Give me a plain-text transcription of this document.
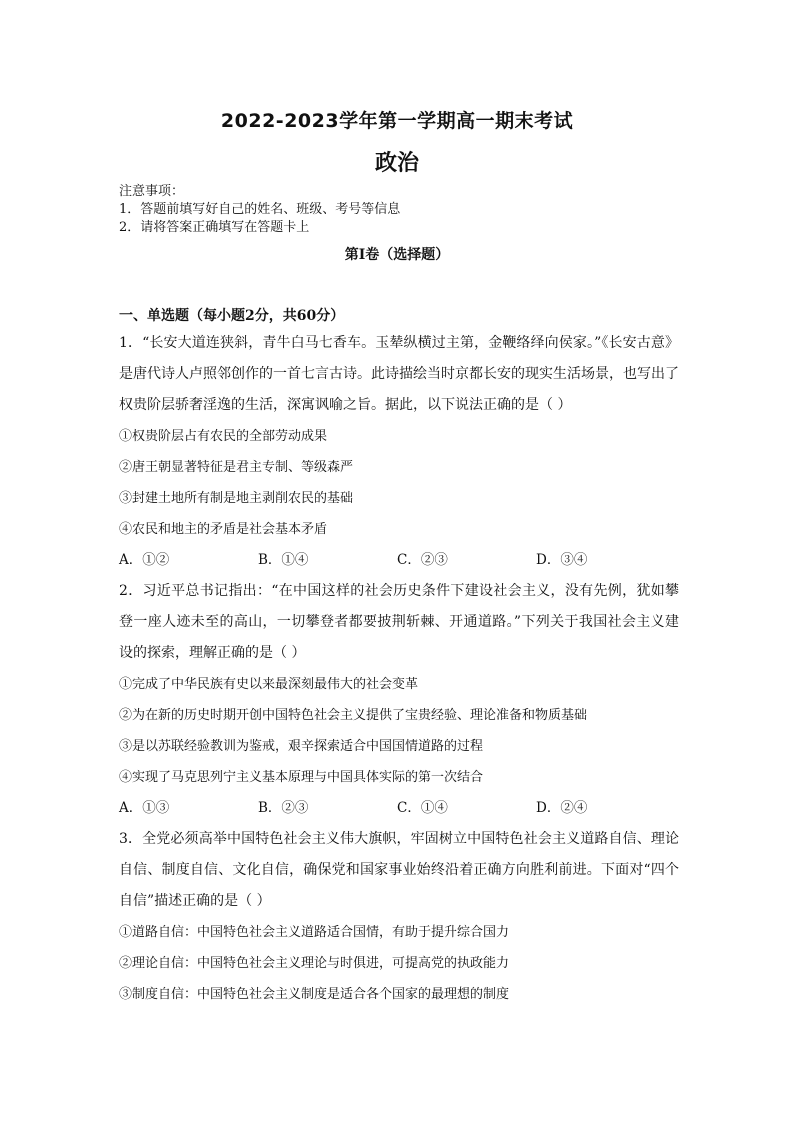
2022-2023学年第一学期高一期末考试
政治
注意事项：
1．答题前填写好自己的姓名、班级、考号等信息
2．请将答案正确填写在答题卡上
第I卷（选择题）
一、单选题（每小题2分，共60分）

1．“长安大道连狭斜，青牛白马七香车。玉辇纵横过主第，金鞭络绎向侯家。”《长安古意》是唐代诗人卢照邻创作的一首七言古诗。此诗描绘当时京都长安的现实生活场景，也写出了权贵阶层骄奢淫逸的生活，深寓讽喻之旨。据此，以下说法正确的是（ ）

①权贵阶层占有农民的全部劳动成果
②唐王朝显著特征是君主专制、等级森严
③封建土地所有制是地主剥削农民的基础
④农民和地主的矛盾是社会基本矛盾
A．①②	B．①④	C．②③	D．③④

2．习近平总书记指出：“在中国这样的社会历史条件下建设社会主义，没有先例，犹如攀登一座人迹未至的高山，一切攀登者都要披荆斩棘、开通道路。”下列关于我国社会主义建设的探索，理解正确的是（ ）

①完成了中华民族有史以来最深刻最伟大的社会变革
②为在新的历史时期开创中国特色社会主义提供了宝贵经验、理论准备和物质基础
③是以苏联经验教训为鉴戒，艰辛探索适合中国国情道路的过程
④实现了马克思列宁主义基本原理与中国具体实际的第一次结合
A．①③	B．②③	C．①④	D．②④

3．全党必须高举中国特色社会主义伟大旗帜，牢固树立中国特色社会主义道路自信、理论自信、制度自信、文化自信，确保党和国家事业始终沿着正确方向胜利前进。下面对“四个自信”描述正确的是（ ）

①道路自信：中国特色社会主义道路适合国情，有助于提升综合国力
②理论自信：中国特色社会主义理论与时俱进，可提高党的执政能力
③制度自信：中国特色社会主义制度是适合各个国家的最理想的制度
